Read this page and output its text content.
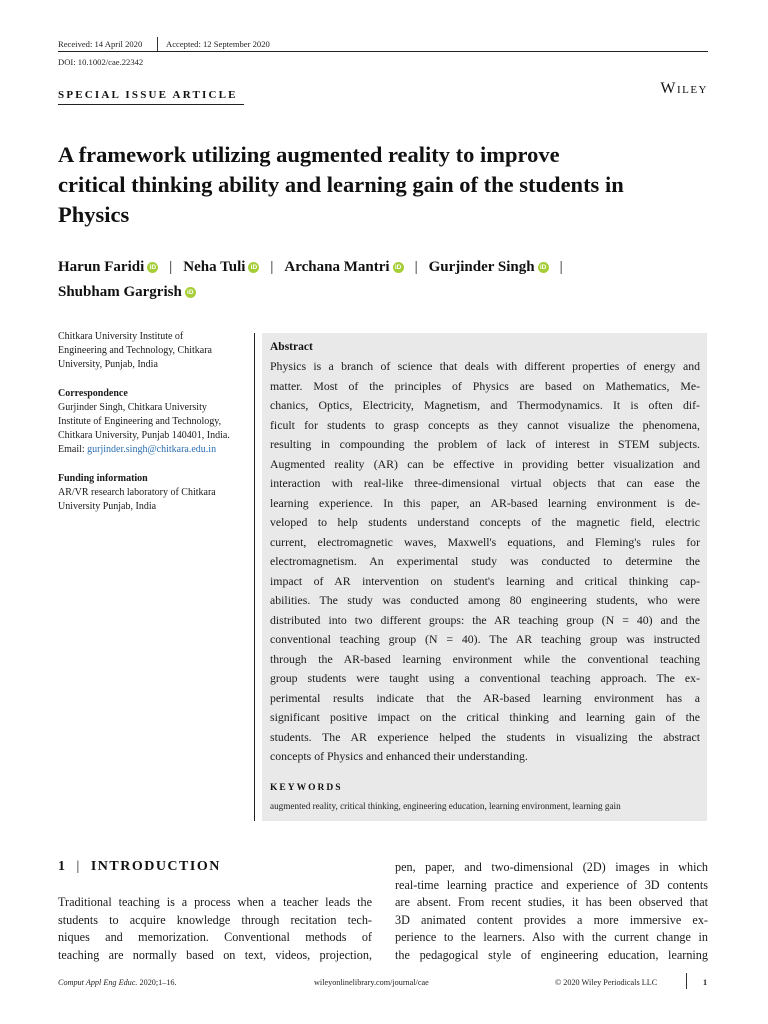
Received: 14 April 2020	Accepted: 12 September 2020
DOI: 10.1002/cae.22342
SPECIAL ISSUE ARTICLE	Wiley
A framework utilizing augmented reality to improve
critical thinking ability and learning gain of the students in
Physics
Harun Faridi iD | Neha Tuli iD | Archana Mantri iD | Gurjinder Singh iD |
Shubham Gargrish iD
Chitkara University Institute of
Engineering and Technology, Chitkara
University, Punjab, India
Correspondence
Gurjinder Singh, Chitkara University
Institute of Engineering and Technology,
Chitkara University, Punjab 140401, India.
Email: gurjinder.singh@chitkara.edu.in
Funding information
AR/VR research laboratory of Chitkara
University Punjab, India
Abstract
Physics is a branch of science that deals with different properties of energy and
matter. Most of the principles of Physics are based on Mathematics, Me-
chanics, Optics, Electricity, Magnetism, and Thermodynamics. It is often dif-
ficult for students to grasp concepts as they cannot visualize the phenomena,
resulting in compounding the problem of lack of interest in STEM subjects.
Augmented reality (AR) can be effective in providing better visualization and
interaction with real-like three-dimensional virtual objects that can ease the
learning experience. In this paper, an AR-based learning environment is de-
veloped to help students understand concepts of the magnetic field, electric
current, electromagnetic waves, Maxwell's equations, and Fleming's rules for
electromagnetism. An experimental study was conducted to determine the
impact of AR intervention on student's learning and critical thinking cap-
abilities. The study was conducted among 80 engineering students, who were
distributed into two different groups: the AR teaching group (N = 40) and the
conventional teaching group (N = 40). The AR teaching group was instructed
through the AR-based learning environment while the conventional teaching
group students were taught using a conventional teaching approach. The ex-
perimental results indicate that the AR-based learning environment has a
significant positive impact on the critical thinking and learning gain of the
students. The AR experience helped the students in visualizing the abstract
concepts of Physics and enhanced their understanding.
KEYWORDS
augmented reality, critical thinking, engineering education, learning environment, learning gain
1 | INTRODUCTION
Traditional teaching is a process when a teacher leads the
students to acquire knowledge through recitation tech-
niques and memorization. Conventional methods of
teaching are normally based on text, videos, projection,
pen, paper, and two-dimensional (2D) images in which
real-time learning practice and experience of 3D contents
are absent. From recent studies, it has been observed that
3D animated content provides a more immersive ex-
perience to the learners. Also with the current change in
the pedagogical style of engineering education, learning
Comput Appl Eng Educ. 2020;1–16.	wileyonlinelibrary.com/journal/cae	© 2020 Wiley Periodicals LLC	1
